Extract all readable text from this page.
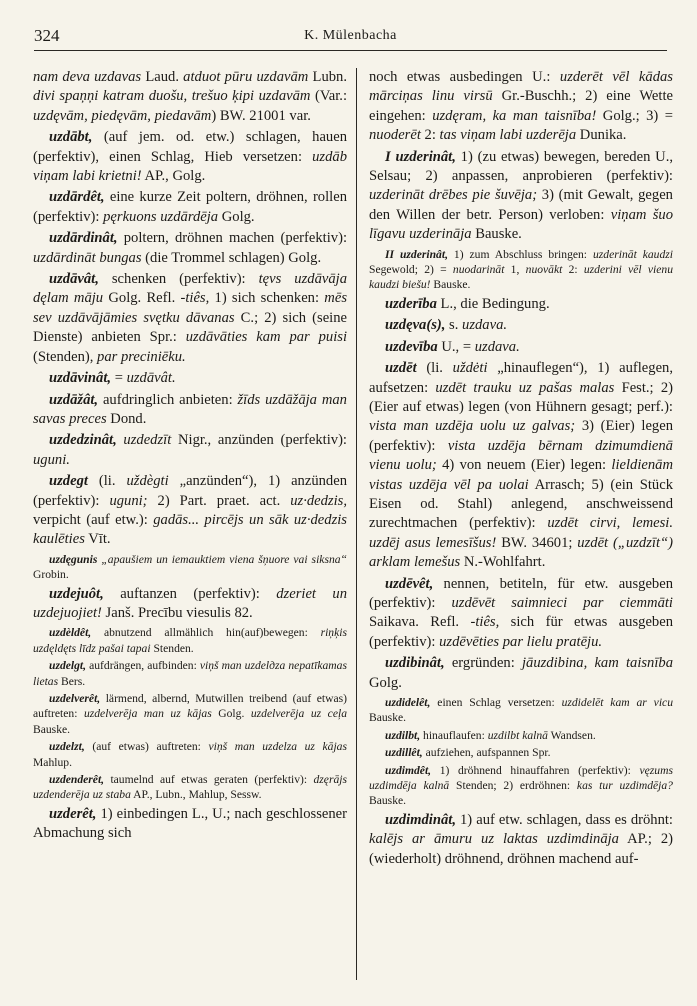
324	K. Mülenbacha

nam deva uzdavas Laud. atduot pūru uzdavām Lubn. divi spaņņi katram duošu, trešuo ķipi uzdavām (Var.: uzdęvām, piedęvām, piedavām) BW. 21001 var.

uzdābt, (auf jem. od. etw.) schlagen, hauen (perfektiv), einen Schlag, Hieb versetzen: uzdāb viņam labi krietni! AP., Golg.

uzdārdêt, eine kurze Zeit poltern, dröhnen, rollen (perfektiv): pęrkuons uzdārdēja Golg.

uzdārdinât, poltern, dröhnen machen (perfektiv): uzdārdināt bungas (die Trommel schlagen) Golg.

uzdāvât, schenken (perfektiv): tęvs uzdāvāja dęlam māju Golg. Refl. -tiês, 1) sich schenken: mēs sev uzdāvājāmies svętku dāvanas C.; 2) sich (seine Dienste) anbieten Spr.: uzdāvāties kam par puisi (Stenden), par preciniēku.

uzdāvinât, = uzdāvât.

uzdāžât, aufdringlich anbieten: žīds uzdāžāja man savas preces Dond.

uzdedzinât, uzdedzīt Nigr., anzünden (perfektiv): uguni.

uzdegt (li. uždègti „anzünden“), 1) anzünden (perfektiv): uguni; 2) Part. praet. act. uz·dedzis, verpicht (auf etw.): gadās... pircējs un sāk uz·dedzis kaulēties Vīt.

uzdęgunis „apaušiem un iemauktiem viena šņuore vai siksna“ Grobin.

uzdejuôt, auftanzen (perfektiv): dzeriet un uzdejuojiet! Janš. Precību viesulis 82.

uzdèldêt, abnutzend allmählich hin(auf)bewegen: riņķis uzdęldęts līdz pašai tapai Stenden.

uzdelgt, aufdrängen, aufbinden: viņš man uzdelдza nepatīkamas lietas Bers.

uzdelverêt, lärmend, albernd, Mutwillen treibend (auf etwas) auftreten: uzdelverēja man uz kājas Golg. uzdelverēja uz ceļa Bauske.

uzdelzt, (auf etwas) auftreten: viņš man uzdelza uz kājas Mahlup.

uzdenderêt, taumelnd auf etwas geraten (perfektiv): dzęrājs uzdenderēja uz staba AP., Lubn., Mahlup, Sessw.

uzderêt, 1) einbedingen L., U.; nach geschlossener Abmachung sich

noch etwas ausbedingen U.: uzderēt vēl kādas mārciņas linu virsū Gr.-Buschh.; 2) eine Wette eingehen: uzdęram, ka man taisnība! Golg.; 3) = nuoderēt 2: tas viņam labi uzderēja Dunika.

I uzderinât, 1) (zu etwas) bewegen, bereden U., Selsau; 2) anpassen, anprobieren (perfektiv): uzderināt drēbes pie šuvēja; 3) (mit Gewalt, gegen den Willen der betr. Person) verloben: viņam šuo līgavu uzderināja Bauske.

II uzderinât, 1) zum Abschluss bringen: uzderināt kaudzi Segewold; 2) = nuodarināt 1, nuovākt 2: uzderini vēl vienu kaudzi biešu! Bauske.

uzderība L., die Bedingung.

uzdęva(s), s. uzdava.

uzdevība U., = uzdava.

uzdēt (li. uždėti „hinauflegen“), 1) auflegen, aufsetzen: uzdēt trauku uz pašas malas Fest.; 2) (Eier auf etwas) legen (von Hühnern gesagt; perf.): vista man uzdēja uolu uz galvas; 3) (Eier) legen (perfektiv): vista uzdēja bērnam dzimumdienā vienu uolu; 4) von neuem (Eier) legen: lieldienām vistas uzdēja vēl pa uolai Arrasch; 5) (ein Stück Eisen od. Stahl) anlegend, anschweissend zurechtmachen (perfektiv): uzdēt cirvi, lemesi. uzdēj asus lemesīšus! BW. 34601; uzdēt („uzdzīt“) arklam lemešus N.-Wohlfahrt.

uzdēvêt, nennen, betiteln, für etw. ausgeben (perfektiv): uzdēvēt saimnieci par ciemmāti Saikava. Refl. -tiês, sich für etwas ausgeben (perfektiv): uzdēvēties par lielu pratēju.

uzdibinât, ergründen: jāuzdibina, kam taisnība Golg.

uzdidelêt, einen Schlag versetzen: uzdidelēt kam ar vicu Bauske.

uzdilbt, hinauflaufen: uzdilbt kalnā Wandsen.

uzdillêt, aufziehen, aufspannen Spr.

uzdimdêt, 1) dröhnend hinauffahren (perfektiv): vęzums uzdimdēja kalnā Stenden; 2) erdröhnen: kas tur uzdimdēja? Bauske.

uzdimdinât, 1) auf etw. schlagen, dass es dröhnt: kalējs ar āmuru uz laktas uzdimdināja AP.; 2) (wiederholt) dröhnend, dröhnen machend auf-
